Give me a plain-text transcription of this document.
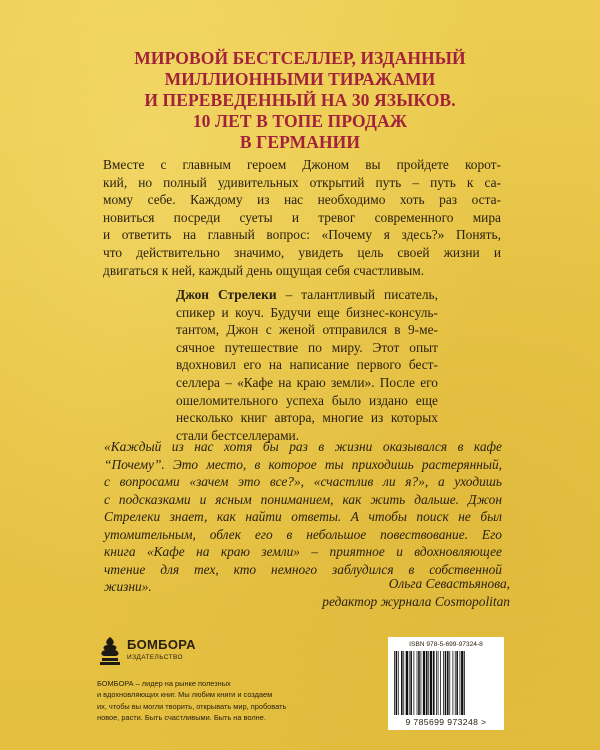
МИРОВОЙ БЕСТСЕЛЛЕР, ИЗДАННЫЙ
МИЛЛИОННЫМИ ТИРАЖАМИ
И ПЕРЕВЕДЕННЫЙ НА 30 ЯЗЫКОВ.
10 ЛЕТ В ТОПЕ ПРОДАЖ
В ГЕРМАНИИ
Вместе с главным героем Джоном вы пройдете корот-
кий, но полный удивительных открытий путь – путь к са-
мому себе. Каждому из нас необходимо хоть раз оста-
новиться посреди суеты и тревог современного мира
и ответить на главный вопрос: «Почему я здесь?» Понять,
что действительно значимо, увидеть цель своей жизни и
двигаться к ней, каждый день ощущая себя счастливым.
Джон Стрелеки – талантливый писатель,
спикер и коуч. Будучи еще бизнес-консуль-
тантом, Джон с женой отправился в 9-ме-
сячное путешествие по миру. Этот опыт
вдохновил его на написание первого бест-
селлера – «Кафе на краю земли». После его
ошеломительного успеха было издано еще
несколько книг автора, многие из которых
стали бестселлерами.
«Каждый из нас хотя бы раз в жизни оказывался в кафе
“Почему”. Это место, в которое ты приходишь растерянный,
с вопросами «зачем это все?», «счастлив ли я?», а уходишь
с подсказками и ясным пониманием, как жить дальше. Джон
Стрелеки знает, как найти ответы. А чтобы поиск не был
утомительным, облек его в небольшое повествование. Его
книга «Кафе на краю земли» – приятное и вдохновляющее
чтение для тех, кто немного заблудился в собственной
жизни».	Ольга Севастьянова,
редактор журнала Cosmopolitan
БОМБОРА
ИЗДАТЕЛЬСТВО
БОМБОРА – лидер на рынке полезных
и вдохновляющих книг. Мы любим книги и создаем
их, чтобы вы могли творить, открывать мир, пробовать
новое, расти. Быть счастливыми. Быть на волне.
ISBN 978-5-699-97324-8
9 785699 973248 >
